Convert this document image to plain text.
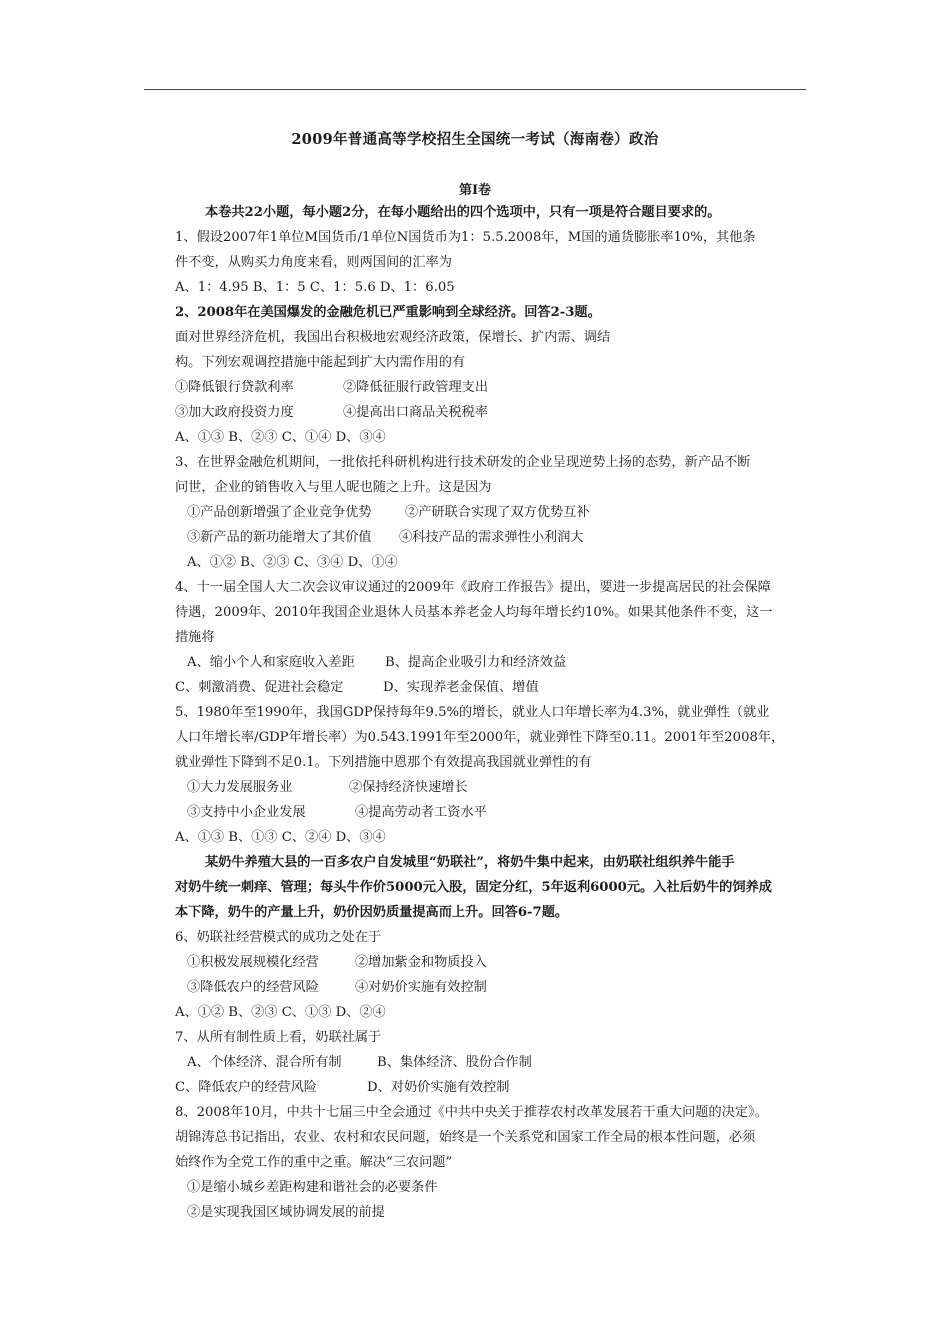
2009年普通高等学校招生全国统一考试（海南卷）政治
第I卷
本卷共22小题，每小题2分，在每小题给出的四个选项中，只有一项是符合题目要求的。
1、假设2007年1单位M国货币/1单位N国货币为1：5.5.2008年，M国的通货膨胀率10%，其他条
件不变，从购买力角度来看，则两国间的汇率为
A、1：4.95 B、1：5 C、1：5.6 D、1：6.05
2、2008年在美国爆发的金融危机已严重影响到全球经济。回答2-3题。
面对世界经济危机，我国出台积极地宏观经济政策，保增长、扩内需、调结
构。下列宏观调控措施中能起到扩大内需作用的有
①降低银行贷款利率	②降低征服行政管理支出
③加大政府投资力度	④提高出口商品关税税率
A、①③ B、②③ C、①④ D、③④
3、在世界金融危机期间，一批依托科研机构进行技术研发的企业呈现逆势上扬的态势，新产品不断
问世，企业的销售收入与里人昵也随之上升。这是因为
①产品创新增强了企业竞争优势	②产研联合实现了双方优势互补
③新产品的新功能增大了其价值 ④科技产品的需求弹性小利润大
A、①② B、②③ C、③④ D、①④
4、十一届全国人大二次会议审议通过的2009年《政府工作报告》提出，要进一步提高居民的社会保障
待遇，2009年、2010年我国企业退休人员基本养老金人均每年增长约10%。如果其他条件不变，这一
措施将
A、缩小个人和家庭收入差距 B、提高企业吸引力和经济效益
C、刺激消费、促进社会稳定	D、实现养老金保值、增值
5、1980年至1990年，我国GDP保持每年9.5%的增长，就业人口年增长率为4.3%，就业弹性（就业
人口年增长率/GDP年增长率）为0.543.1991年至2000年，就业弹性下降至0.11。2001年至2008年，
就业弹性下降到不足0.1。下列措施中恩那个有效提高我国就业弹性的有
①大力发展服务业	②保持经济快速增长
③支持中小企业发展	④提高劳动者工资水平
A、①③ B、①③ C、②④ D、③④
某奶牛养殖大县的一百多农户自发城里“奶联社”，将奶牛集中起来，由奶联社组织养牛能手
对奶牛统一刺痒、管理；每头牛作价5000元入股，固定分红，5年返利6000元。入社后奶牛的饲养成
本下降，奶牛的产量上升，奶价因奶质量提高而上升。回答6-7题。
6、奶联社经营模式的成功之处在于
①积极发展规模化经营	②增加紫金和物质投入
③降低农户的经营风险	④对奶价实施有效控制
A、①② B、②③ C、①③ D、②④
7、从所有制性质上看，奶联社属于
A、个体经济、混合所有制	B、集体经济、股份合作制
C、降低农户的经营风险	D、对奶价实施有效控制
8、2008年10月，中共十七届三中全会通过《中共中央关于推荐农村改革发展若干重大问题的决定》。
胡锦涛总书记指出，农业、农村和农民问题，始终是一个关系党和国家工作全局的根本性问题，必须
始终作为全党工作的重中之重。解决“三农问题”
①是缩小城乡差距构建和谐社会的必要条件
②是实现我国区域协调发展的前提
